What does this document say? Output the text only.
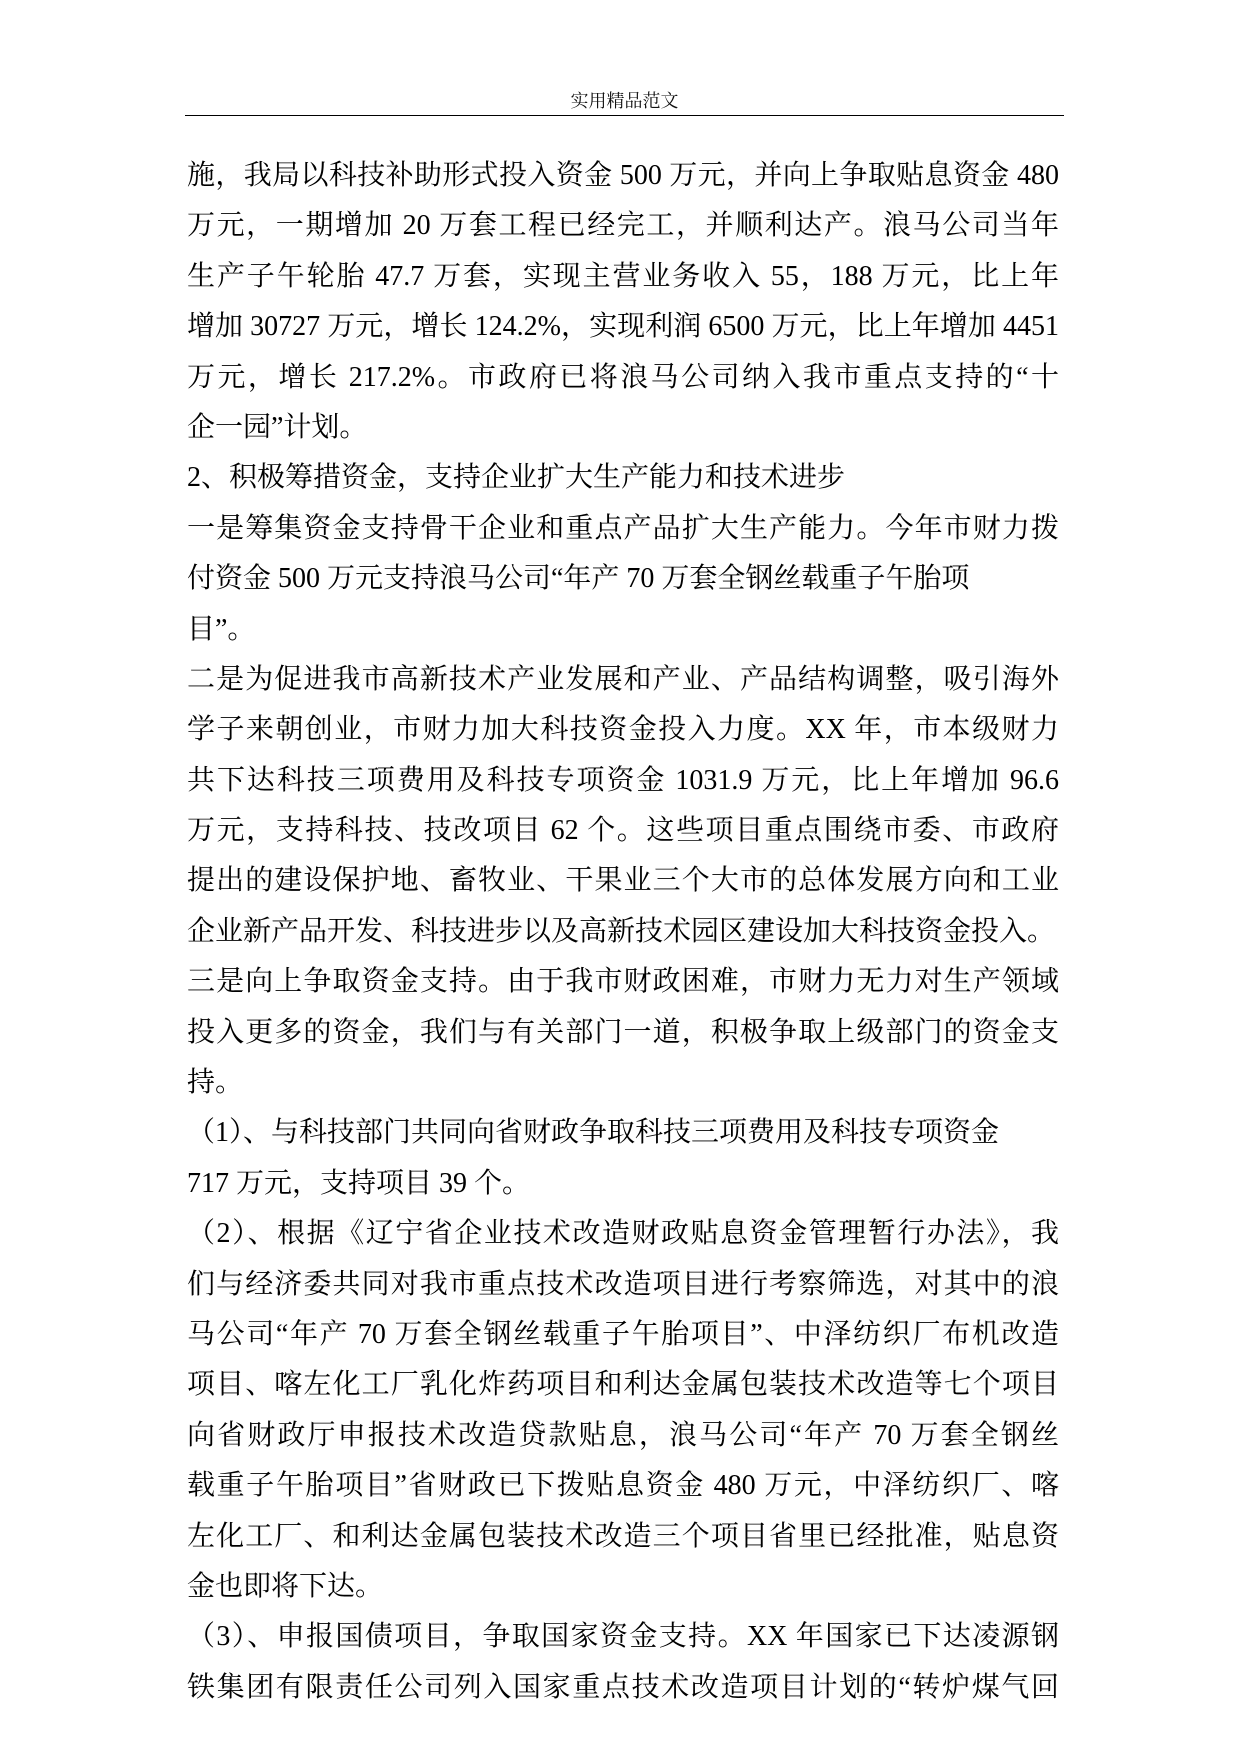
实用精品范文
施，我局以科技补助形式投入资金 500 万元，并向上争取贴息资金 480
万元，一期增加 20 万套工程已经完工，并顺利达产。浪马公司当年
生产子午轮胎 47.7 万套，实现主营业务收入 55，188 万元，比上年
增加 30727 万元，增长 124.2%，实现利润 6500 万元，比上年增加 4451
万元，增长 217.2%。市政府已将浪马公司纳入我市重点支持的“十
企一园”计划。
2、积极筹措资金，支持企业扩大生产能力和技术进步
一是筹集资金支持骨干企业和重点产品扩大生产能力。今年市财力拨
付资金 500 万元支持浪马公司“年产 70 万套全钢丝载重子午胎项
目”。
二是为促进我市高新技术产业发展和产业、产品结构调整，吸引海外
学子来朝创业，市财力加大科技资金投入力度。XX 年，市本级财力
共下达科技三项费用及科技专项资金 1031.9 万元，比上年增加 96.6
万元，支持科技、技改项目 62 个。这些项目重点围绕市委、市政府
提出的建设保护地、畜牧业、干果业三个大市的总体发展方向和工业
企业新产品开发、科技进步以及高新技术园区建设加大科技资金投入。
三是向上争取资金支持。由于我市财政困难，市财力无力对生产领域
投入更多的资金，我们与有关部门一道，积极争取上级部门的资金支
持。
（1）、与科技部门共同向省财政争取科技三项费用及科技专项资金
717 万元，支持项目 39 个。
（2）、根据《辽宁省企业技术改造财政贴息资金管理暂行办法》，我
们与经济委共同对我市重点技术改造项目进行考察筛选，对其中的浪
马公司“年产 70 万套全钢丝载重子午胎项目”、中泽纺织厂布机改造
项目、喀左化工厂乳化炸药项目和利达金属包装技术改造等七个项目
向省财政厅申报技术改造贷款贴息，浪马公司“年产 70 万套全钢丝
载重子午胎项目”省财政已下拨贴息资金 480 万元，中泽纺织厂、喀
左化工厂、和利达金属包装技术改造三个项目省里已经批准，贴息资
金也即将下达。
（3）、申报国债项目，争取国家资金支持。XX 年国家已下达凌源钢
铁集团有限责任公司列入国家重点技术改造项目计划的“转炉煤气回
